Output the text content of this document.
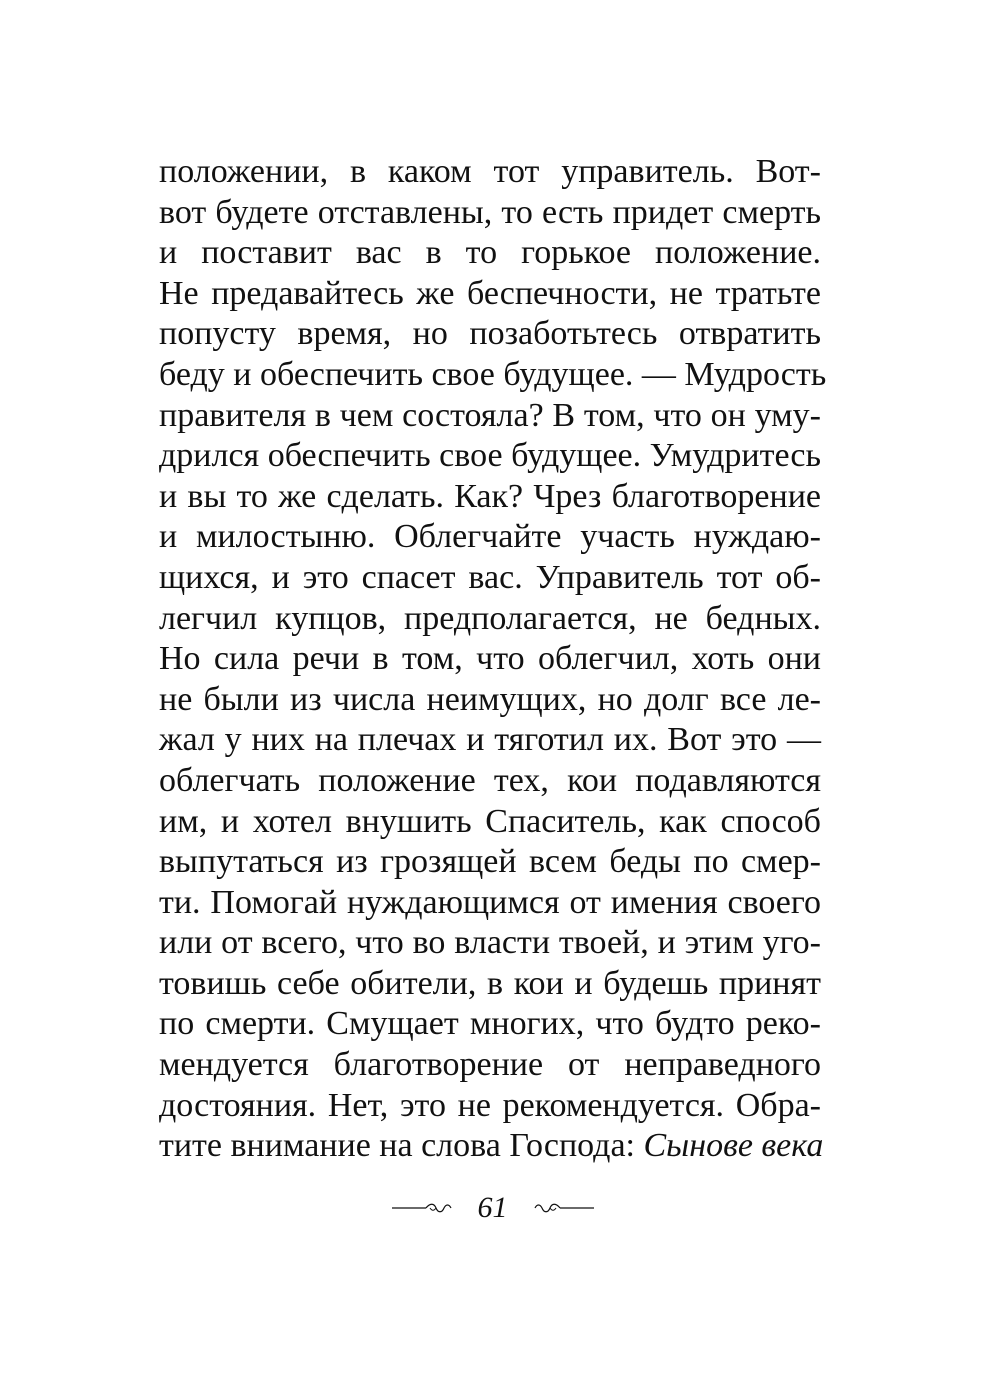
положении, в каком тот управитель. Вот-
вот будете отставлены, то есть придет смерть
и поставит вас в то горькое положение.
Не предавайтесь же беспечности, не тратьте
попусту время, но позаботьтесь отвратить
беду и обеспечить свое будущее. — Мудрость
правителя в чем состояла? В том, что он уму-
дрился обеспечить свое будущее. Умудритесь
и вы то же сделать. Как? Чрез благотворение
и милостыню. Облегчайте участь нуждаю-
щихся, и это спасет вас. Управитель тот об-
легчил купцов, предполагается, не бедных.
Но сила речи в том, что облегчил, хоть они
не были из числа неимущих, но долг все ле-
жал у них на плечах и тяготил их. Вот это —
облегчать положение тех, кои подавляются
им, и хотел внушить Спаситель, как способ
выпутаться из грозящей всем беды по смер-
ти. Помогай нуждающимся от имения своего
или от всего, что во власти твоей, и этим уго-
товишь себе обители, в кои и будешь принят
по смерти. Смущает многих, что будто реко-
мендуется благотворение от неправедного
достояния. Нет, это не рекомендуется. Обра-
тите внимание на слова Господа: Сынове века
61
